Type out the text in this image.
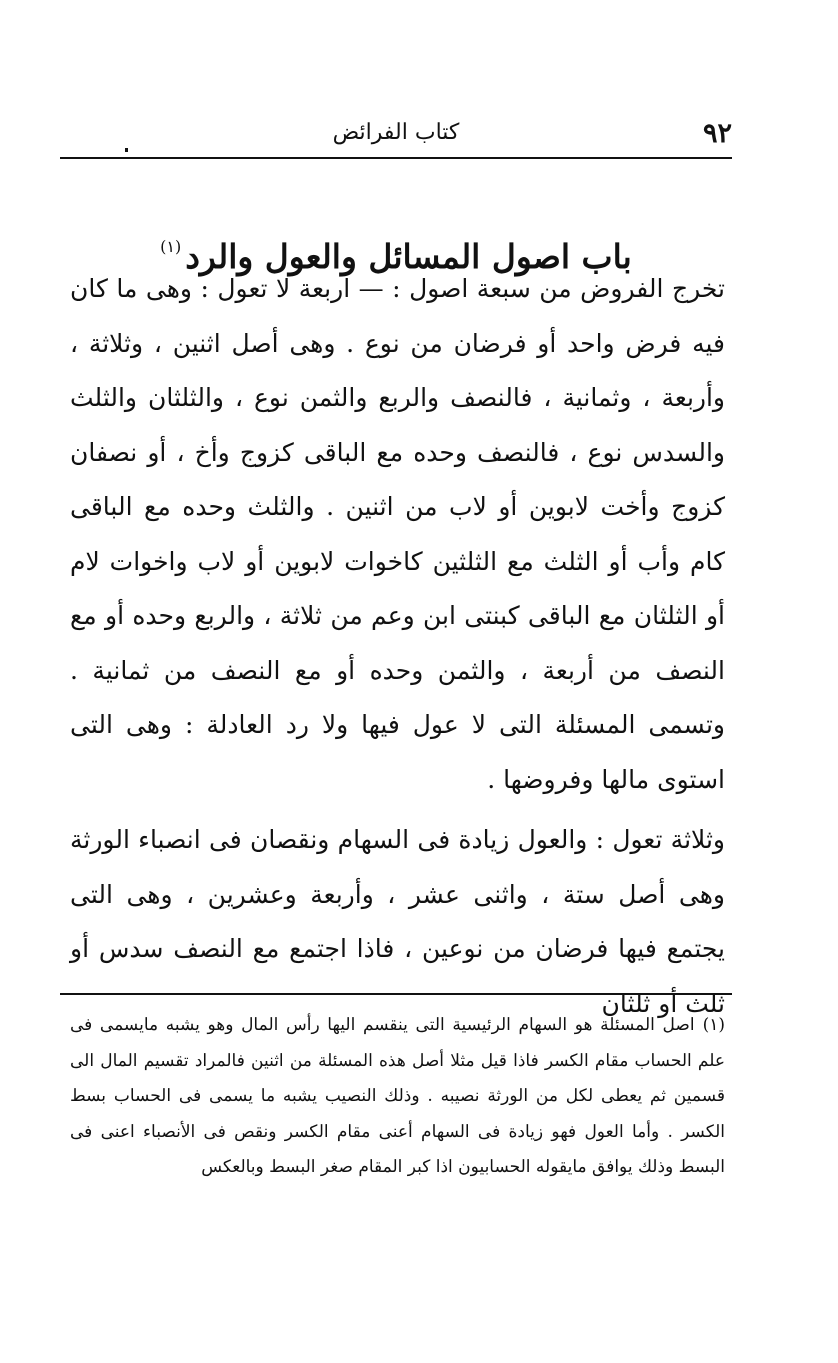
٩٢
كتاب الفرائض
باب اصول المسائل والعول والرد$^{(١)}$

تخرج الفروض من سبعة اصول : — اربعة لا تعول : وهى ما كان فيه فرض واحد أو فرضان من نوع . وهى أصل اثنين ، وثلاثة ، وأربعة ، وثمانية ، فالنصف والربع والثمن نوع ، والثلثان والثلث والسدس نوع ، فالنصف وحده مع الباقى كزوج وأخ ، أو نصفان كزوج وأخت لابوين أو لاب من اثنين . والثلث وحده مع الباقى كام وأب أو الثلث مع الثلثين كاخوات لابوين أو لاب واخوات لام أو الثلثان مع الباقى كبنتى ابن وعم من ثلاثة ، والربع وحده أو مع النصف من أربعة ، والثمن وحده أو مع النصف من ثمانية . وتسمى المسئلة التى لا عول فيها ولا رد العادلة : وهى التى استوى مالها وفروضها .

وثلاثة تعول : والعول زيادة فى السهام ونقصان فى انصباء الورثة وهى أصل ستة ، واثنى عشر ، وأربعة وعشرين ، وهى التى يجتمع فيها فرضان من نوعين ، فاذا اجتمع مع النصف سدس أو ثلث أو ثلثان

(١)اصل المسئلة هو السهام الرئيسية التى ينقسم اليها رأس المال وهو يشبه مايسمى فى علم الحساب مقام الكسر فاذا قيل مثلا أصل هذه المسئلة من اثنين فالمراد تقسيم المال الى قسمين ثم يعطى لكل من الورثة نصيبه . وذلك النصيب يشبه ما يسمى فى الحساب بسط الكسر . وأما العول فهو زيادة فى السهام أعنى مقام الكسر ونقص فى الأنصباء اعنى فى البسط وذلك يوافق مايقوله الحسابيون اذا كبر المقام صغر البسط وبالعكس
